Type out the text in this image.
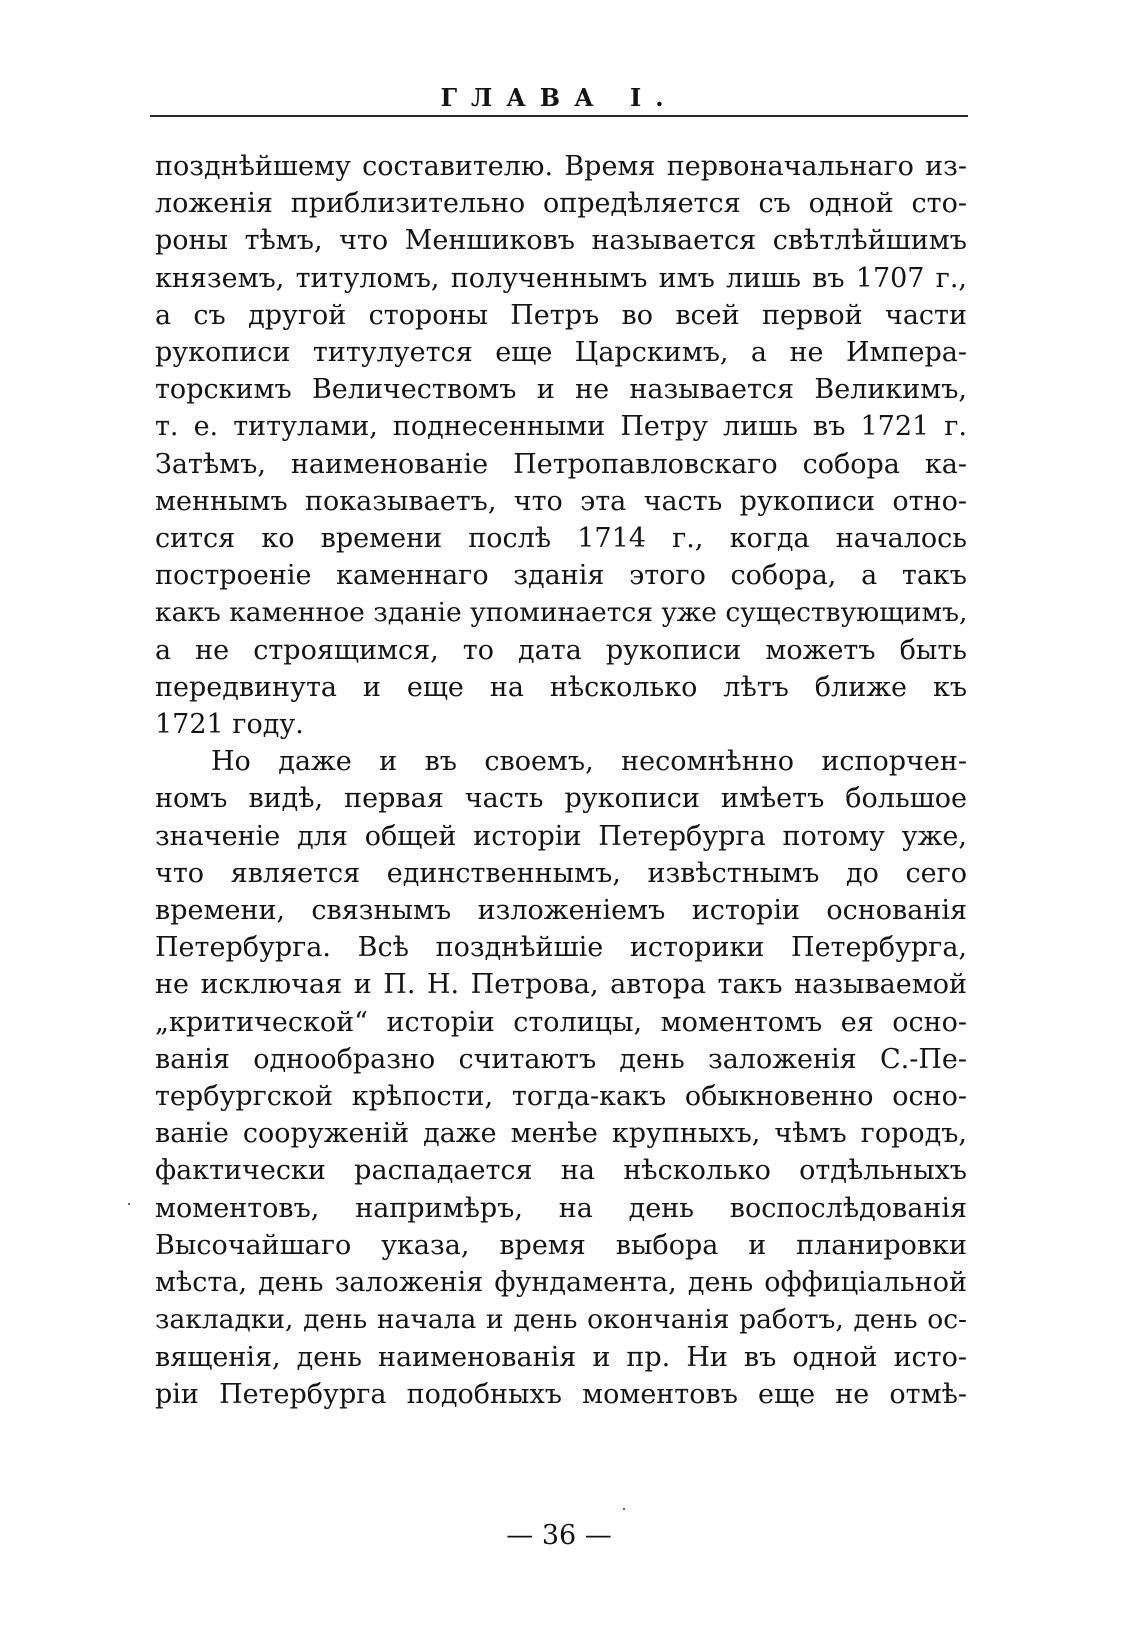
ГЛАВА I.

позднѣйшему составителю. Время первоначальнаго из-
ложенія приблизительно опредѣляется съ одной сто-
роны тѣмъ, что Меншиковъ называется свѣтлѣйшимъ
княземъ, титуломъ, полученнымъ имъ лишь въ 1707 г.,
а съ другой стороны Петръ во всей первой части
рукописи титулуется еще Царскимъ, а не Импера-
торскимъ Величествомъ и не называется Великимъ,
т. е. титулами, поднесенными Петру лишь въ 1721 г.
Затѣмъ, наименованіе Петропавловскаго собора ка-
меннымъ показываетъ, что эта часть рукописи отно-
сится ко времени послѣ 1714 г., когда началось
построеніе каменнаго зданія этого собора, а такъ
какъ каменное зданіе упоминается уже существующимъ,
а не строящимся, то дата рукописи можетъ быть
передвинута и еще на нѣсколько лѣтъ ближе къ
1721 году.

Но даже и въ своемъ, несомнѣнно испорчен-
номъ видѣ, первая часть рукописи имѣетъ большое
значеніе для общей исторіи Петербурга потому уже,
что является единственнымъ, извѣстнымъ до сего
времени, связнымъ изложеніемъ исторіи основанія
Петербурга. Всѣ позднѣйшіе историки Петербурга,
не исключая и П. Н. Петрова, автора такъ называемой
„критической“ исторіи столицы, моментомъ ея осно-
ванія однообразно считаютъ день заложенія С.-Пе-
тербургской крѣпости, тогда-какъ обыкновенно осно-
ваніе сооруженій даже менѣе крупныхъ, чѣмъ городъ,
фактически распадается на нѣсколько отдѣльныхъ
моментовъ, напримѣръ, на день воспослѣдованія
Высочайшаго указа, время выбора и планировки
мѣста, день заложенія фундамента, день оффиціальной
закладки, день начала и день окончанія работъ, день ос-
вященія, день наименованія и пр. Ни въ одной исто-
ріи Петербурга подобныхъ моментовъ еще не отмѣ-

— 36 —
